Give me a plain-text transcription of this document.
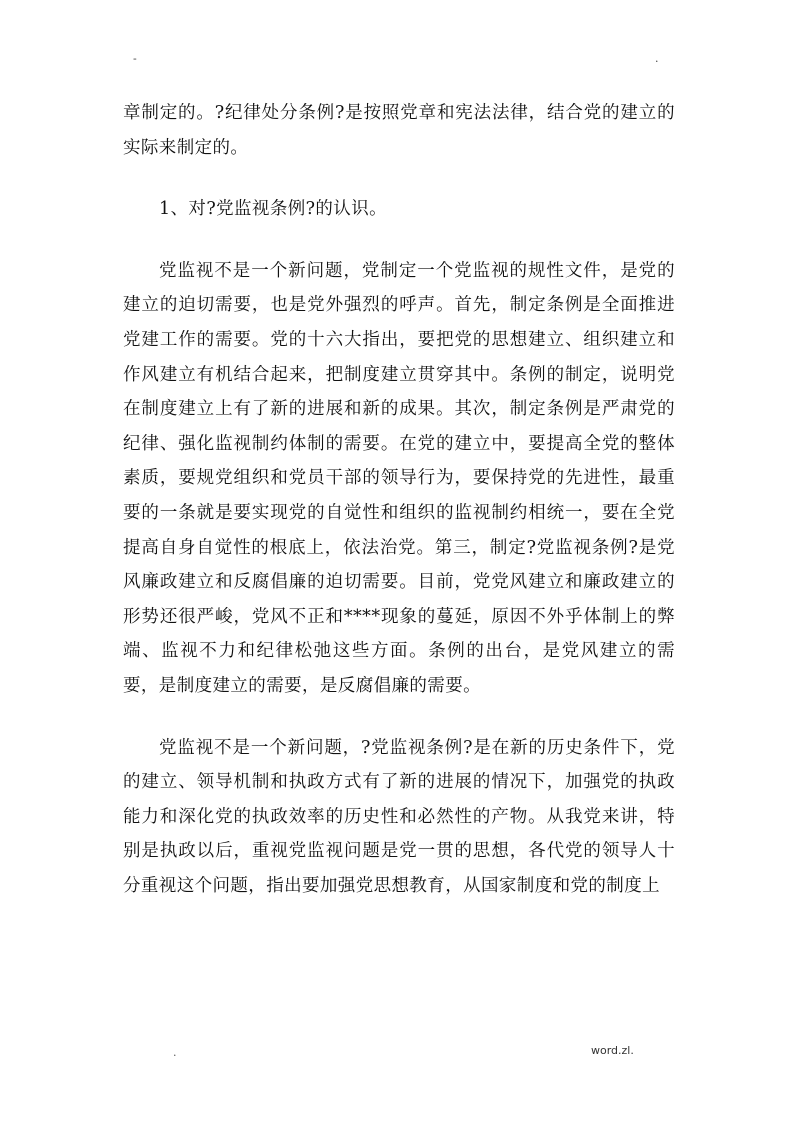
-	.

章制定的。?纪律处分条例?是按照党章和宪法法律，结合党的建立的实际来制定的。

1、对?党监视条例?的认识。

党监视不是一个新问题，党制定一个党监视的规性文件，是党的建立的迫切需要，也是党外强烈的呼声。首先，制定条例是全面推进党建工作的需要。党的十六大指出，要把党的思想建立、组织建立和作风建立有机结合起来，把制度建立贯穿其中。条例的制定，说明党在制度建立上有了新的进展和新的成果。其次，制定条例是严肃党的纪律、强化监视制约体制的需要。在党的建立中，要提高全党的整体素质，要规党组织和党员干部的领导行为，要保持党的先进性，最重要的一条就是要实现党的自觉性和组织的监视制约相统一，要在全党提高自身自觉性的根底上，依法治党。第三，制定?党监视条例?是党风廉政建立和反腐倡廉的迫切需要。目前，党党风建立和廉政建立的形势还很严峻，党风不正和****现象的蔓延，原因不外乎体制上的弊端、监视不力和纪律松弛这些方面。条例的出台，是党风建立的需要，是制度建立的需要，是反腐倡廉的需要。

党监视不是一个新问题，?党监视条例?是在新的历史条件下，党的建立、领导机制和执政方式有了新的进展的情况下，加强党的执政能力和深化党的执政效率的历史性和必然性的产物。从我党来讲，特别是执政以后，重视党监视问题是党一贯的思想，各代党的领导人十分重视这个问题，指出要加强党思想教育，从国家制度和党的制度上

.	word.zl.
